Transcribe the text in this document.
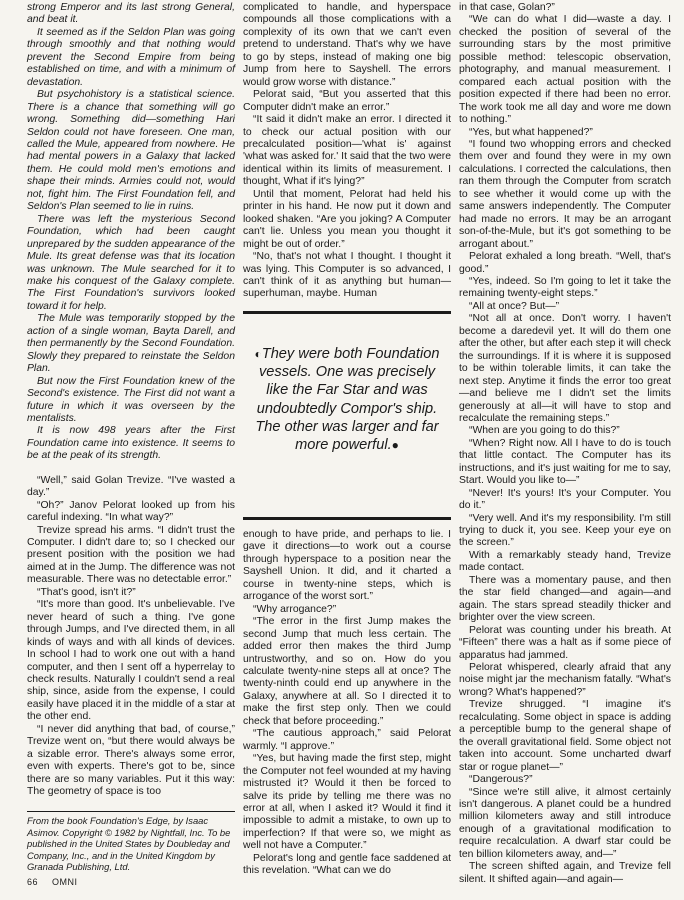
strong Emperor and its last strong General, and beat it.

It seemed as if the Seldon Plan was going through smoothly and that nothing would prevent the Second Empire from being established on time, and with a minimum of devastation.

But psychohistory is a statistical science. There is a chance that something will go wrong. Something did—something Hari Seldon could not have foreseen. One man, called the Mule, appeared from nowhere. He had mental powers in a Galaxy that lacked them. He could mold men's emotions and shape their minds. Armies could not, would not, fight him. The First Foundation fell, and Seldon's Plan seemed to lie in ruins.

There was left the mysterious Second Foundation, which had been caught unprepared by the sudden appearance of the Mule. Its great defense was that its location was unknown. The Mule searched for it to make his conquest of the Galaxy complete. The First Foundation's survivors looked toward it for help.

The Mule was temporarily stopped by the action of a single woman, Bayta Darell, and then permanently by the Second Foundation. Slowly they prepared to reinstate the Seldon Plan.

But now the First Foundation knew of the Second's existence. The First did not want a future in which it was overseen by the mentalists.

It is now 498 years after the First Foundation came into existence. It seems to be at the peak of its strength.

“Well,” said Golan Trevize. “I've wasted a day.”

“Oh?” Janov Pelorat looked up from his careful indexing. “In what way?”

Trevize spread his arms. “I didn't trust the Computer. I didn't dare to; so I checked our present position with the position we had aimed at in the Jump. The difference was not measurable. There was no detectable error.”

“That's good, isn't it?”

“It's more than good. It's unbelievable. I've never heard of such a thing. I've gone through Jumps, and I've directed them, in all kinds of ways and with all kinds of devices. In school I had to work one out with a hand computer, and then I sent off a hyperrelay to check results. Naturally I couldn't send a real ship, since, aside from the expense, I could easily have placed it in the middle of a star at the other end.

“I never did anything that bad, of course,” Trevize went on, “but there would always be a sizable error. There's always some error, even with experts. There's got to be, since there are so many variables. Put it this way: The geometry of space is too

From the book Foundation's Edge, by Isaac Asimov. Copyright © 1982 by Nightfall, Inc. To be published in the United States by Doubleday and Company, Inc., and in the United Kingdom by Granada Publishing, Ltd.

complicated to handle, and hyperspace compounds all those complications with a complexity of its own that we can't even pretend to understand. That's why we have to go by steps, instead of making one big Jump from here to Sayshell. The errors would grow worse with distance.”

Pelorat said, “But you asserted that this Computer didn't make an error.”

“It said it didn't make an error. I directed it to check our actual position with our precalculated position—'what is' against 'what was asked for.' It said that the two were identical within its limits of measurement. I thought, What if it's lying?”

Until that moment, Pelorat had held his printer in his hand. He now put it down and looked shaken. “Are you joking? A Computer can't lie. Unless you mean you thought it might be out of order.”

“No, that's not what I thought. I thought it was lying. This Computer is so advanced, I can't think of it as anything but human—superhuman, maybe. Human

◐They were both Foundation vessels. One was precisely like the Far Star and was undoubtedly Compor's ship. The other was larger and far more powerful.●

enough to have pride, and perhaps to lie. I gave it directions—to work out a course through hyperspace to a position near the Sayshell Union. It did, and it charted a course in twenty-nine steps, which is arrogance of the worst sort.”

“Why arrogance?”

“The error in the first Jump makes the second Jump that much less certain. The added error then makes the third Jump untrustworthy, and so on. How do you calculate twenty-nine steps all at once? The twenty-ninth could end up anywhere in the Galaxy, anywhere at all. So I directed it to make the first step only. Then we could check that before proceeding.”

“The cautious approach,” said Pelorat warmly. “I approve.”

“Yes, but having made the first step, might the Computer not feel wounded at my having mistrusted it? Would it then be forced to salve its pride by telling me there was no error at all, when I asked it? Would it find it impossible to admit a mistake, to own up to imperfection? If that were so, we might as well not have a Computer.”

Pelorat's long and gentle face saddened at this revelation. “What can we do

in that case, Golan?”

“We can do what I did—waste a day. I checked the position of several of the surrounding stars by the most primitive possible method: telescopic observation, photography, and manual measurement. I compared each actual position with the position expected if there had been no error. The work took me all day and wore me down to nothing.”

“Yes, but what happened?”

“I found two whopping errors and checked them over and found they were in my own calculations. I corrected the calculations, then ran them through the Computer from scratch to see whether it would come up with the same answers independently. The Computer had made no errors. It may be an arrogant son-of-the-Mule, but it's got something to be arrogant about.”

Pelorat exhaled a long breath. “Well, that's good.”

“Yes, indeed. So I'm going to let it take the remaining twenty-eight steps.”

“All at once? But—”

“Not all at once. Don't worry. I haven't become a daredevil yet. It will do them one after the other, but after each step it will check the surroundings. If it is where it is supposed to be within tolerable limits, it can take the next step. Anytime it finds the error too great—and believe me I didn't set the limits generously at all—it will have to stop and recalculate the remaining steps.”

“When are you going to do this?”

“When? Right now. All I have to do is touch that little contact. The Computer has its instructions, and it's just waiting for me to say, Start. Would you like to—”

“Never! It's yours! It's your Computer. You do it.”

“Very well. And it's my responsibility. I'm still trying to duck it, you see. Keep your eye on the screen.”

With a remarkably steady hand, Trevize made contact.

There was a momentary pause, and then the star field changed—and again—and again. The stars spread steadily thicker and brighter over the view screen.

Pelorat was counting under his breath. At “Fifteen” there was a halt as if some piece of apparatus had jammed.

Pelorat whispered, clearly afraid that any noise might jar the mechanism fatally. “What's wrong? What's happened?”

Trevize shrugged. “I imagine it's recalculating. Some object in space is adding a perceptible bump to the general shape of the overall gravitational field. Some object not taken into account. Some uncharted dwarf star or rogue planet—”

“Dangerous?”

“Since we're still alive, it almost certainly isn't dangerous. A planet could be a hundred million kilometers away and still introduce enough of a gravitational modification to require recalculation. A dwarf star could be ten billion kilometers away, and—”

The screen shifted again, and Trevize fell silent. It shifted again—and again—

66 OMNI
